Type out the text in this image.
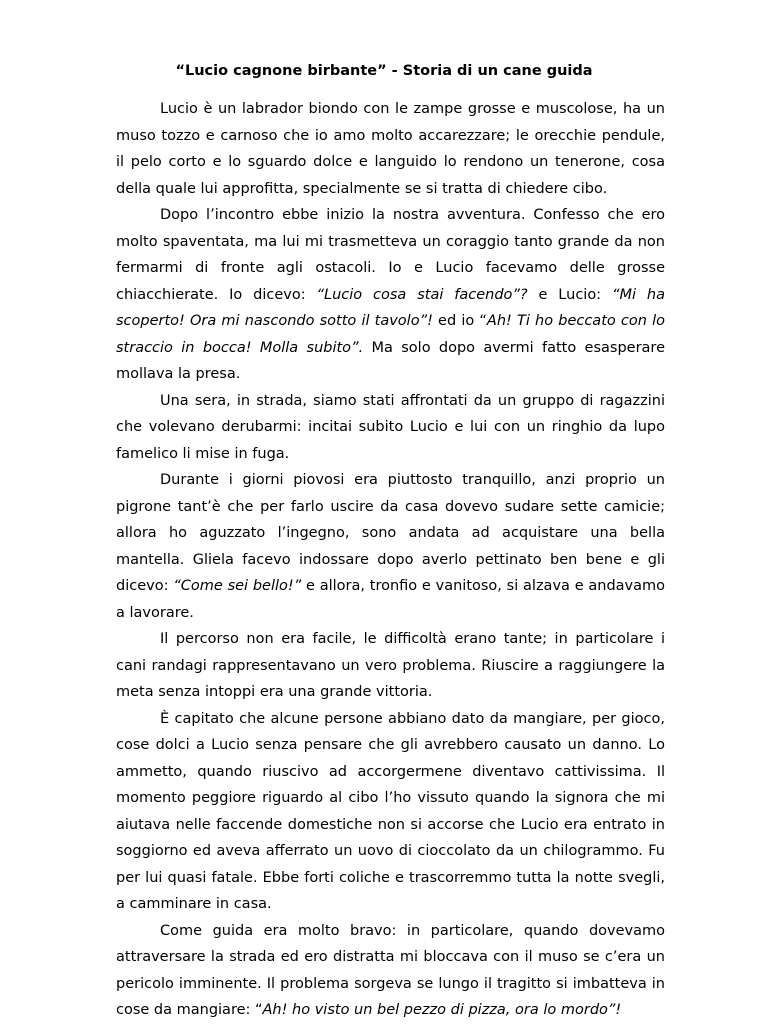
“Lucio cagnone birbante” - Storia di un cane guida

Lucio è un labrador biondo con le zampe grosse e muscolose, ha un muso tozzo e carnoso che io amo molto accarezzare; le orecchie pendule, il pelo corto e lo sguardo dolce e languido lo rendono un tenerone, cosa della quale lui approfitta, specialmente se si tratta di chiedere cibo.

Dopo l’incontro ebbe inizio la nostra avventura. Confesso che ero molto spaventata, ma lui mi trasmetteva un coraggio tanto grande da non fermarmi di fronte agli ostacoli. Io e Lucio facevamo delle grosse chiacchierate. Io dicevo: “Lucio cosa stai facendo”? e Lucio: “Mi ha scoperto! Ora mi nascondo sotto il tavolo”! ed io “Ah! Ti ho beccato con lo straccio in bocca! Molla subito”. Ma solo dopo avermi fatto esasperare mollava la presa.

Una sera, in strada, siamo stati affrontati da un gruppo di ragazzini che volevano derubarmi: incitai subito Lucio e lui con un ringhio da lupo famelico li mise in fuga.

Durante i giorni piovosi era piuttosto tranquillo, anzi proprio un pigrone tant’è che per farlo uscire da casa dovevo sudare sette camicie; allora ho aguzzato l’ingegno, sono andata ad acquistare una bella mantella. Gliela facevo indossare dopo averlo pettinato ben bene e gli dicevo: “Come sei bello!” e allora, tronfio e vanitoso, si alzava e andavamo a lavorare.

Il percorso non era facile, le difficoltà erano tante; in particolare i cani randagi rappresentavano un vero problema. Riuscire a raggiungere la meta senza intoppi era una grande vittoria.

È capitato che alcune persone abbiano dato da mangiare, per gioco, cose dolci a Lucio senza pensare che gli avrebbero causato un danno. Lo ammetto, quando riuscivo ad accorgermene diventavo cattivissima. Il momento peggiore riguardo al cibo l’ho vissuto quando la signora che mi aiutava nelle faccende domestiche non si accorse che Lucio era entrato in soggiorno ed aveva afferrato un uovo di cioccolato da un chilogrammo. Fu per lui quasi fatale. Ebbe forti coliche e trascorremmo tutta la notte svegli, a camminare in casa.

Come guida era molto bravo: in particolare, quando dovevamo attraversare la strada ed ero distratta mi bloccava con il muso se c’era un pericolo imminente. Il problema sorgeva se lungo il tragitto si imbatteva in cose da mangiare: “Ah! ho visto un bel pezzo di pizza, ora lo mordo”!
